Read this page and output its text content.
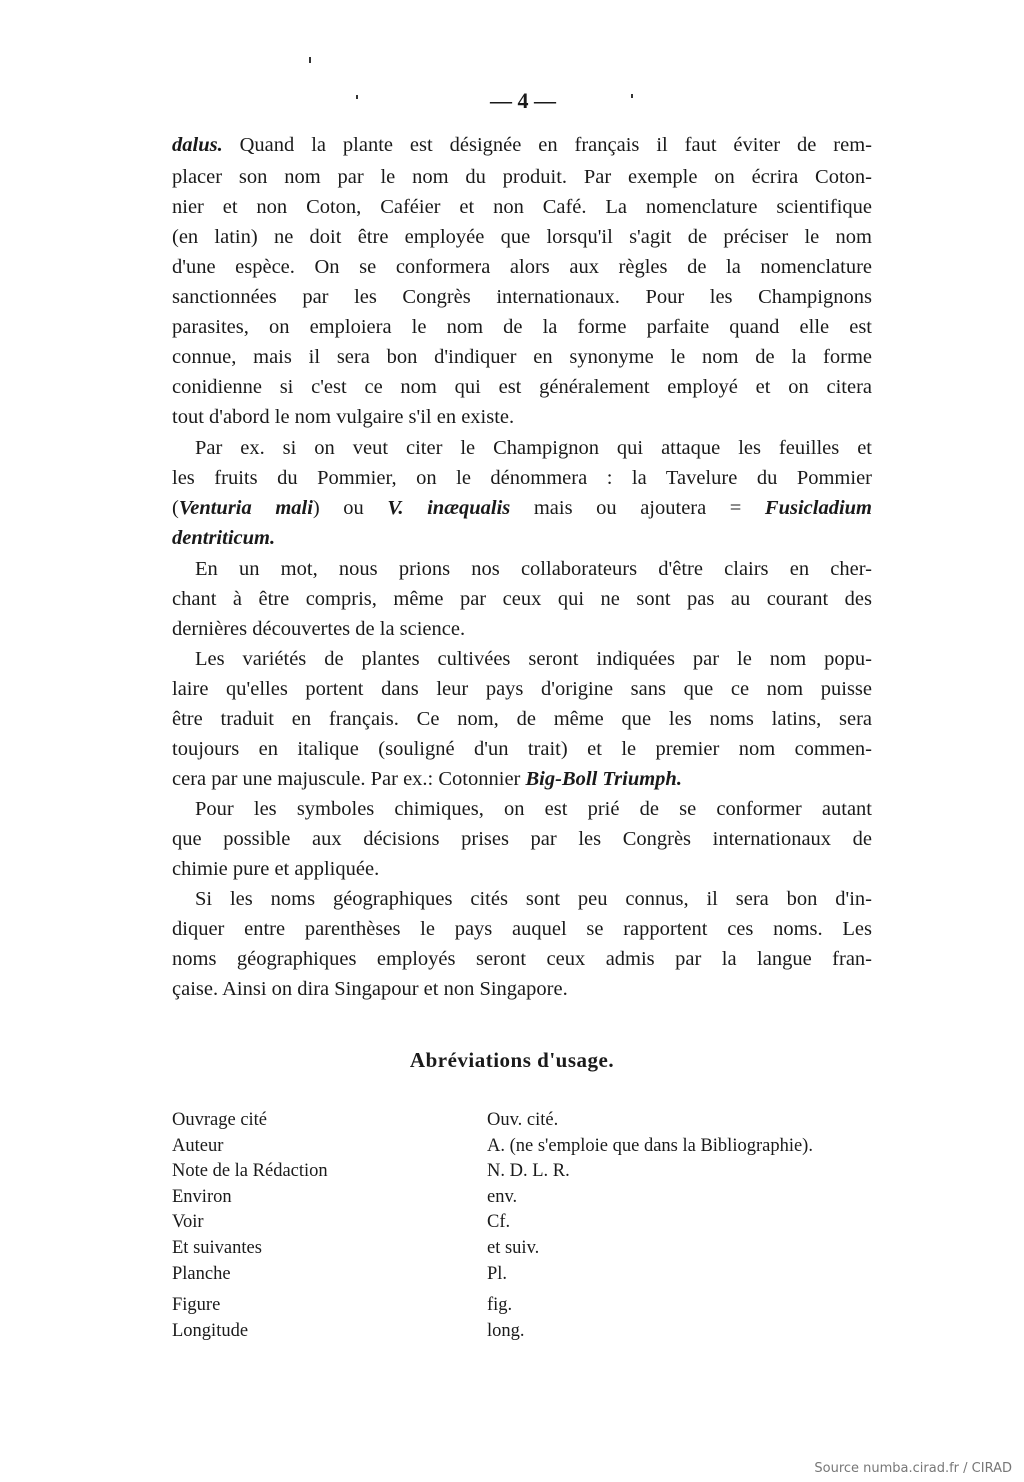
— 4 —
dalus. Quand la plante est désignée en français il faut éviter de rem-
placer son nom par le nom du produit. Par exemple on écrira Coton-
nier et non Coton, Caféier et non Café. La nomenclature scientifique
(en latin) ne doit être employée que lorsqu'il s'agit de préciser le nom
d'une espèce. On se conformera alors aux règles de la nomenclature
sanctionnées par les Congrès internationaux. Pour les Champignons
parasites, on emploiera le nom de la forme parfaite quand elle est
connue, mais il sera bon d'indiquer en synonyme le nom de la forme
conidienne si c'est ce nom qui est généralement employé et on citera
tout d'abord le nom vulgaire s'il en existe.
Par ex. si on veut citer le Champignon qui attaque les feuilles et
les fruits du Pommier, on le dénommera : la Tavelure du Pommier
(Venturia mali) ou V. inæqualis mais ou ajoutera = Fusicladium
dentriticum.
En un mot, nous prions nos collaborateurs d'être clairs en cher-
chant à être compris, même par ceux qui ne sont pas au courant des
dernières découvertes de la science.
Les variétés de plantes cultivées seront indiquées par le nom popu-
laire qu'elles portent dans leur pays d'origine sans que ce nom puisse
être traduit en français. Ce nom, de même que les noms latins, sera
toujours en italique (souligné d'un trait) et le premier nom commen-
cera par une majuscule. Par ex.: Cotonnier Big-Boll Triumph.
Pour les symboles chimiques, on est prié de se conformer autant
que possible aux décisions prises par les Congrès internationaux de
chimie pure et appliquée.
Si les noms géographiques cités sont peu connus, il sera bon d'in-
diquer entre parenthèses le pays auquel se rapportent ces noms. Les
noms géographiques employés seront ceux admis par la langue fran-
çaise. Ainsi on dira Singapour et non Singapore.
Abréviations d'usage.
Ouvrage cité	Ouv. cité.
Auteur	A. (ne s'emploie que dans la Bibliographie).
Note de la Rédaction	N. D. L. R.
Environ	env.
Voir	Cf.
Et suivantes	et suiv.
Planche	Pl.
Figure	fig.
Longitude	long.
Source numba.cirad.fr / CIRAD
